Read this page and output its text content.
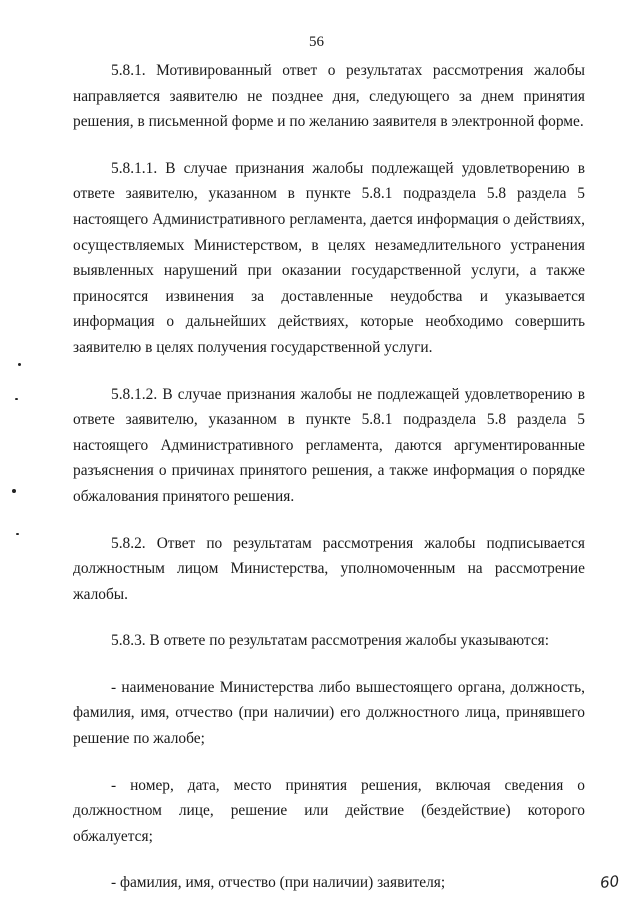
56

5.8.1. Мотивированный ответ о результатах рассмотрения жалобы направляется заявителю не позднее дня, следующего за днем принятия решения, в письменной форме и по желанию заявителя в электронной форме.

5.8.1.1. В случае признания жалобы подлежащей удовлетворению в ответе заявителю, указанном в пункте 5.8.1 подраздела 5.8 раздела 5 настоящего Административного регламента, дается информация о действиях, осуществляемых Министерством, в целях незамедлительного устранения выявленных нарушений при оказании государственной услуги, а также приносятся извинения за доставленные неудобства и указывается информация о дальнейших действиях, которые необходимо совершить заявителю в целях получения государственной услуги.

5.8.1.2. В случае признания жалобы не подлежащей удовлетворению в ответе заявителю, указанном в пункте 5.8.1 подраздела 5.8 раздела 5 настоящего Административного регламента, даются аргументированные разъяснения о причинах принятого решения, а также информация о порядке обжалования принятого решения.

5.8.2. Ответ по результатам рассмотрения жалобы подписывается должностным лицом Министерства, уполномоченным на рассмотрение жалобы.

5.8.3. В ответе по результатам рассмотрения жалобы указываются:

- наименование Министерства либо вышестоящего органа, должность, фамилия, имя, отчество (при наличии) его должностного лица, принявшего решение по жалобе;

- номер, дата, место принятия решения, включая сведения о должностном лице, решение или действие (бездействие) которого обжалуется;

- фамилия, имя, отчество (при наличии) заявителя;	60
